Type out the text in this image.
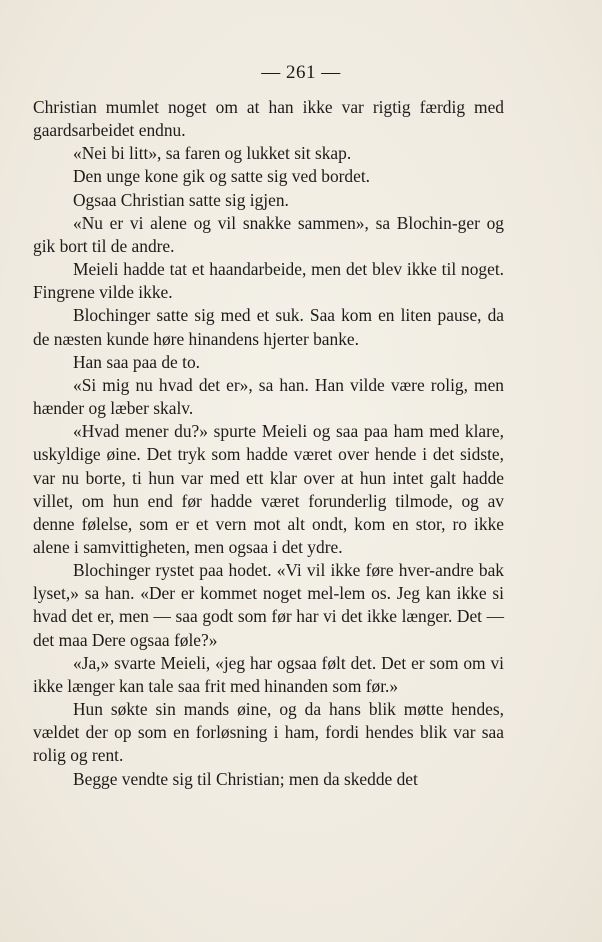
— 261 —

Christian mumlet noget om at han ikke var rigtig færdig med gaardsarbeidet endnu.

«Nei bi litt», sa faren og lukket sit skap.

Den unge kone gik og satte sig ved bordet.

Ogsaa Christian satte sig igjen.

«Nu er vi alene og vil snakke sammen», sa Blochin-ger og gik bort til de andre.

Meieli hadde tat et haandarbeide, men det blev ikke til noget. Fingrene vilde ikke.

Blochinger satte sig med et suk. Saa kom en liten pause, da de næsten kunde høre hinandens hjerter banke.

Han saa paa de to.

«Si mig nu hvad det er», sa han. Han vilde være rolig, men hænder og læber skalv.

«Hvad mener du?» spurte Meieli og saa paa ham med klare, uskyldige øine. Det tryk som hadde været over hende i det sidste, var nu borte, ti hun var med ett klar over at hun intet galt hadde villet, om hun end før hadde været forunderlig tilmode, og av denne følelse, som er et vern mot alt ondt, kom en stor, ro ikke alene i samvittigheten, men ogsaa i det ydre.

Blochinger rystet paa hodet. «Vi vil ikke føre hver-andre bak lyset,» sa han. «Der er kommet noget mel-lem os. Jeg kan ikke si hvad det er, men — saa godt som før har vi det ikke længer. Det — det maa Dere ogsaa føle?»

«Ja,» svarte Meieli, «jeg har ogsaa følt det. Det er som om vi ikke længer kan tale saa frit med hinanden som før.»

Hun søkte sin mands øine, og da hans blik møtte hendes, vældet der op som en forløsning i ham, fordi hendes blik var saa rolig og rent.

Begge vendte sig til Christian; men da skedde det
